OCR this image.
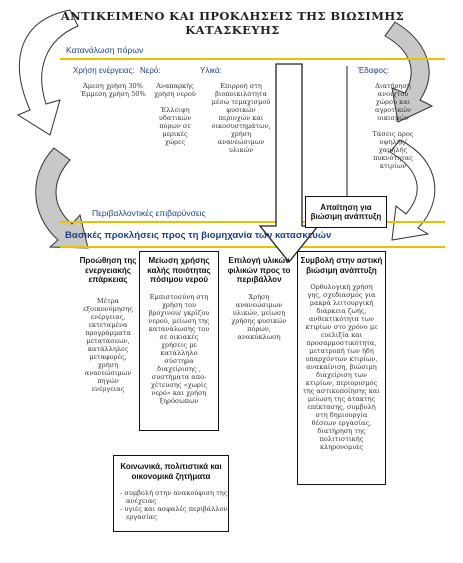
ΑΝΤΙΚΕΙΜΕΝΟ ΚΑΙ ΠΡΟΚΛΗΣΕΙΣ ΤΗΣ ΒΙΩΣΙΜΗΣ ΚΑΤΑΣΚΕΥΗΣ
Κατανάλωση πόρων
Χρήση ενέργειας:
Άμεση χρήση 30%
Έμμεση χρήση 50%
Νερό:
Αναπαρκής
χρήση νερού
Έλλειψη
υδατικών
πόρων σε
μερικές
χώρες
Υλικά:
Επιρροή στη
βιοποικιλότητα
μέσω τεμαχισμού
φυσικών
περιοχών και
οικοσυστημάτων,
χρήση
ανανεώσιμων
υλικών
Έδαφος:
Διατήρηση
ανοιχτού
χώρου και
αγροτικών
οικισμών
Τάσεις προς
υψηλής/
χαμηλής
πυκνότητας
κτιρίων
Περιβαλλοντικές επιβαρύνσεις
Απαίτηση για βιώσιμη ανάπτυξη
Βασικές προκλήσεις προς τη βιομηχανία των κατασκευών
Προώθηση της ενεργειακής επάρκειας
Μέτρα
εξοικονόμησης
ενέργειας,
εκτεταμένα
προγράμματα
μετατάσεων,
κατάλληλες
μεταφορές,
χρήση
ανανεώσιμων
πηγών
ενέργειας
Μείωση χρήσης καλής ποιότητας πόσιμου νερού
Εμπιστοσύνη στη
χρήση του
βρόχινου/ γκρίζου
νερού, μείωση της
κατανάλωσης του
σε οικιακές
χρήσεις με
κατάλληλο
σύστημα
διαχείρισης ,
συστήματα απο-
χέτευσης «χωρίς
νερό» και χρήση
ξηρόσωπων
Επιλογή υλικών φιλικών προς το περιβάλλον
Χρήση
ανανεώσιμων
υλικών, μείωση
χρήσης φυσικών
πόρων,
ανακύκλωση
Συμβολή στην αστική βιώσιμη ανάπτυξη
Ορθολογική χρήση
γης, σχεδιασμός για
μακρά λειτουργική
διάρκεια ζωής,
ανθεκτικότητα των
κτιρίων στο χρόνο με
ευελιξία και
προσαρμοστικότητα,
μετατροπή των ήδη
υπαρχόντων κτιρίων,
ανακαίνιση, βιώσιμη
διαχείριση των
κτιρίων, περιορισμός
της αστικοποίησης και
μείωση της άτακτης
επέκτασης, συμβολή
στη δημιουργία
θέσεων εργασίας,
διατήρηση της
πολιτιστικής
κληρονομιάς
Κοινωνικά, πολιτιστικά και οικονομικά ζητήματα
- συμβολή στην ανακούφιση της
ανέχειας
- υγιές και ασφαλές περιβάλλον
εργασίας
